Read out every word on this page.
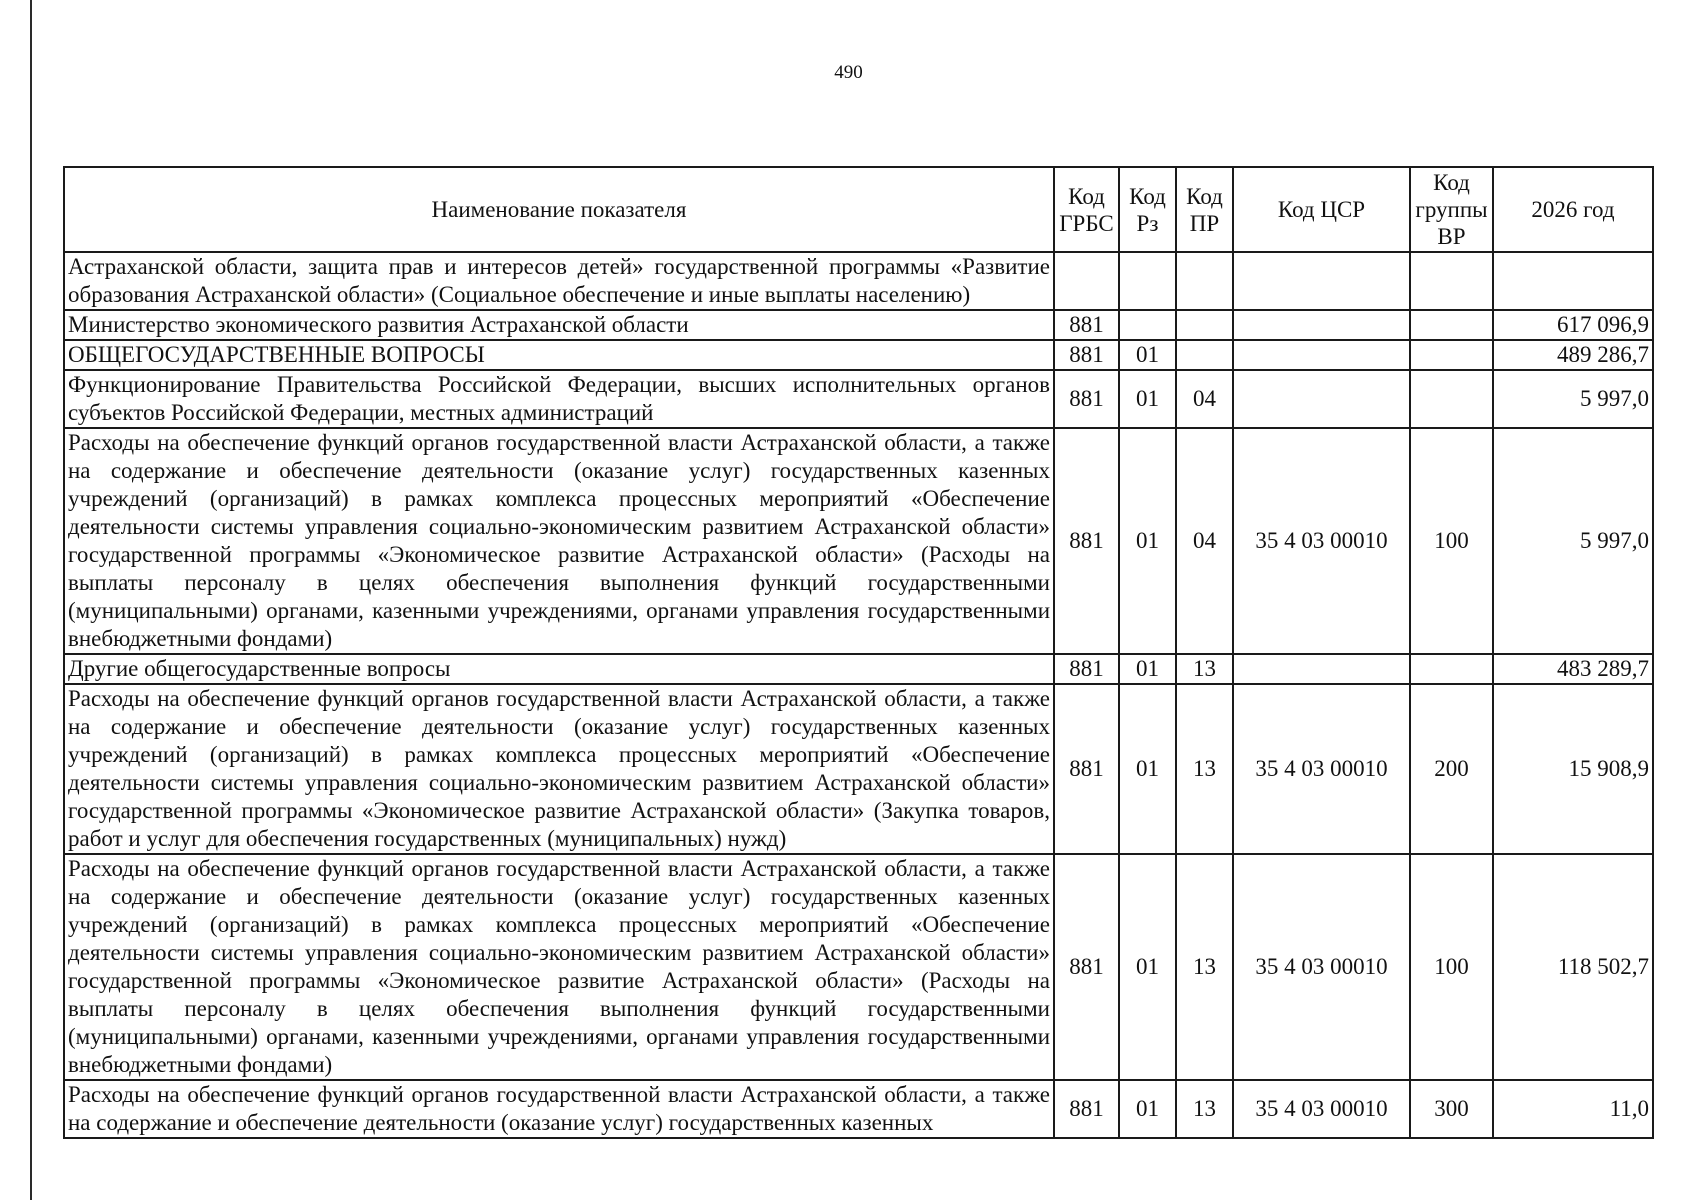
490
Наименование показателя	Код ГРБС	Код Рз	Код ПР	Код ЦСР	Код группы ВР	2026 год
Астраханской области, защита прав и интересов детей» государственной программы «Развитие образования Астраханской области» (Социальное обеспечение и иные выплаты населению)						
Министерство экономического развития Астраханской области	881					617 096,9
ОБЩЕГОСУДАРСТВЕННЫЕ ВОПРОСЫ	881	01				489 286,7
Функционирование Правительства Российской Федерации, высших исполнительных органов субъектов Российской Федерации, местных администраций	881	01	04			5 997,0
Расходы на обеспечение функций органов государственной власти Астраханской области, а также на содержание и обеспечение деятельности (оказание услуг) государственных казенных учреждений (организаций) в рамках комплекса процессных мероприятий «Обеспечение деятельности системы управления социально-экономическим развитием Астраханской области» государственной программы «Экономическое развитие Астраханской области» (Расходы на выплаты персоналу в целях обеспечения выполнения функций государственными (муниципальными) органами, казенными учреждениями, органами управления государственными внебюджетными фондами)	881	01	04	35 4 03 00010	100	5 997,0
Другие общегосударственные вопросы	881	01	13			483 289,7
Расходы на обеспечение функций органов государственной власти Астраханской области, а также на содержание и обеспечение деятельности (оказание услуг) государственных казенных учреждений (организаций) в рамках комплекса процессных мероприятий «Обеспечение деятельности системы управления социально-экономическим развитием Астраханской области» государственной программы «Экономическое развитие Астраханской области» (Закупка товаров, работ и услуг для обеспечения государственных (муниципальных) нужд)	881	01	13	35 4 03 00010	200	15 908,9
Расходы на обеспечение функций органов государственной власти Астраханской области, а также на содержание и обеспечение деятельности (оказание услуг) государственных казенных учреждений (организаций) в рамках комплекса процессных мероприятий «Обеспечение деятельности системы управления социально-экономическим развитием Астраханской области» государственной программы «Экономическое развитие Астраханской области» (Расходы на выплаты персоналу в целях обеспечения выполнения функций государственными (муниципальными) органами, казенными учреждениями, органами управления государственными внебюджетными фондами)	881	01	13	35 4 03 00010	100	118 502,7
Расходы на обеспечение функций органов государственной власти Астраханской области, а также на содержание и обеспечение деятельности (оказание услуг) государственных казенных	881	01	13	35 4 03 00010	300	11,0
